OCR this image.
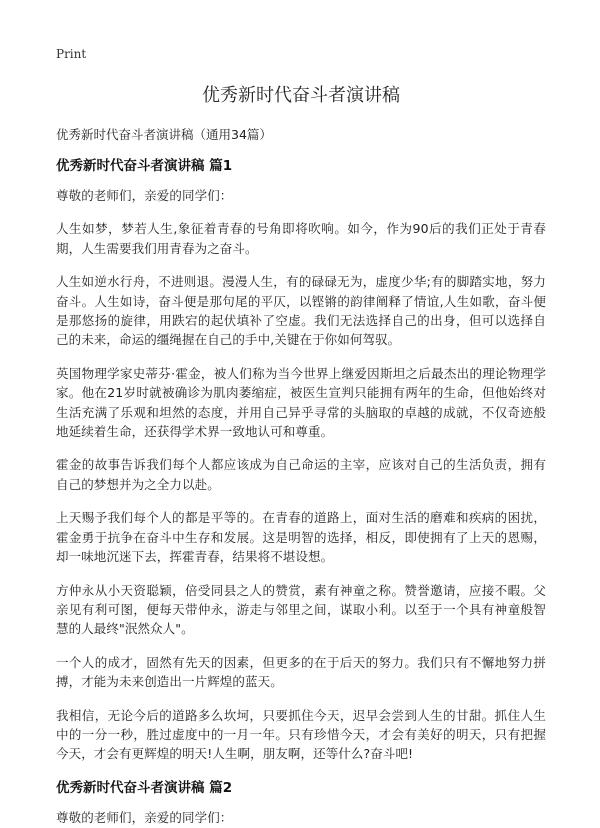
Print
优秀新时代奋斗者演讲稿
优秀新时代奋斗者演讲稿（通用34篇）
优秀新时代奋斗者演讲稿 篇1

尊敬的老师们，亲爱的同学们：

人生如梦，梦若人生,象征着青春的号角即将吹响。如今，作为90后的我们正处于青春期，人生需要我们用青春为之奋斗。

人生如逆水行舟，不进则退。漫漫人生，有的碌碌无为，虚度少华;有的脚踏实地，努力奋斗。人生如诗，奋斗便是那句尾的平仄，以铿锵的韵律阐释了情谊,人生如歌，奋斗便是那悠扬的旋律，用跌宕的起伏填补了空虚。我们无法选择自己的出身，但可以选择自己的未来，命运的缰绳握在自己的手中,关键在于你如何驾驭。

英国物理学家史蒂芬·霍金，被人们称为当今世界上继爱因斯坦之后最杰出的理论物理学家。他在21岁时就被确诊为肌肉萎缩症，被医生宣判只能拥有两年的生命，但他始终对生活充满了乐观和坦然的态度，并用自己异乎寻常的头脑取的卓越的成就，不仅奇迹般地延续着生命，还获得学术界一致地认可和尊重。

霍金的故事告诉我们每个人都应该成为自己命运的主宰，应该对自己的生活负责，拥有自己的梦想并为之全力以赴。

上天赐予我们每个人的都是平等的。在青春的道路上，面对生活的磨难和疾病的困扰，霍金勇于抗争在奋斗中生存和发展。这是明智的选择，相反，即使拥有了上天的恩赐，却一味地沉迷下去，挥霍青春，结果将不堪设想。

方仲永从小天资聪颖，倍受同县之人的赞赏，素有神童之称。赞誉邀请，应接不暇。父亲见有利可图，便每天带仲永，游走与邻里之间，谋取小利。以至于一个具有神童般智慧的人最终"泯然众人"。

一个人的成才，固然有先天的因素，但更多的在于后天的努力。我们只有不懈地努力拼搏，才能为未来创造出一片辉煌的蓝天。

我相信，无论今后的道路多么坎坷，只要抓住今天，迟早会尝到人生的甘甜。抓住人生中的一分一秒，胜过虚度中的一月一年。只有珍惜今天，才会有美好的明天，只有把握今天，才会有更辉煌的明天!人生啊，朋友啊，还等什么?奋斗吧!

优秀新时代奋斗者演讲稿 篇2

尊敬的老师们，亲爱的同学们：
